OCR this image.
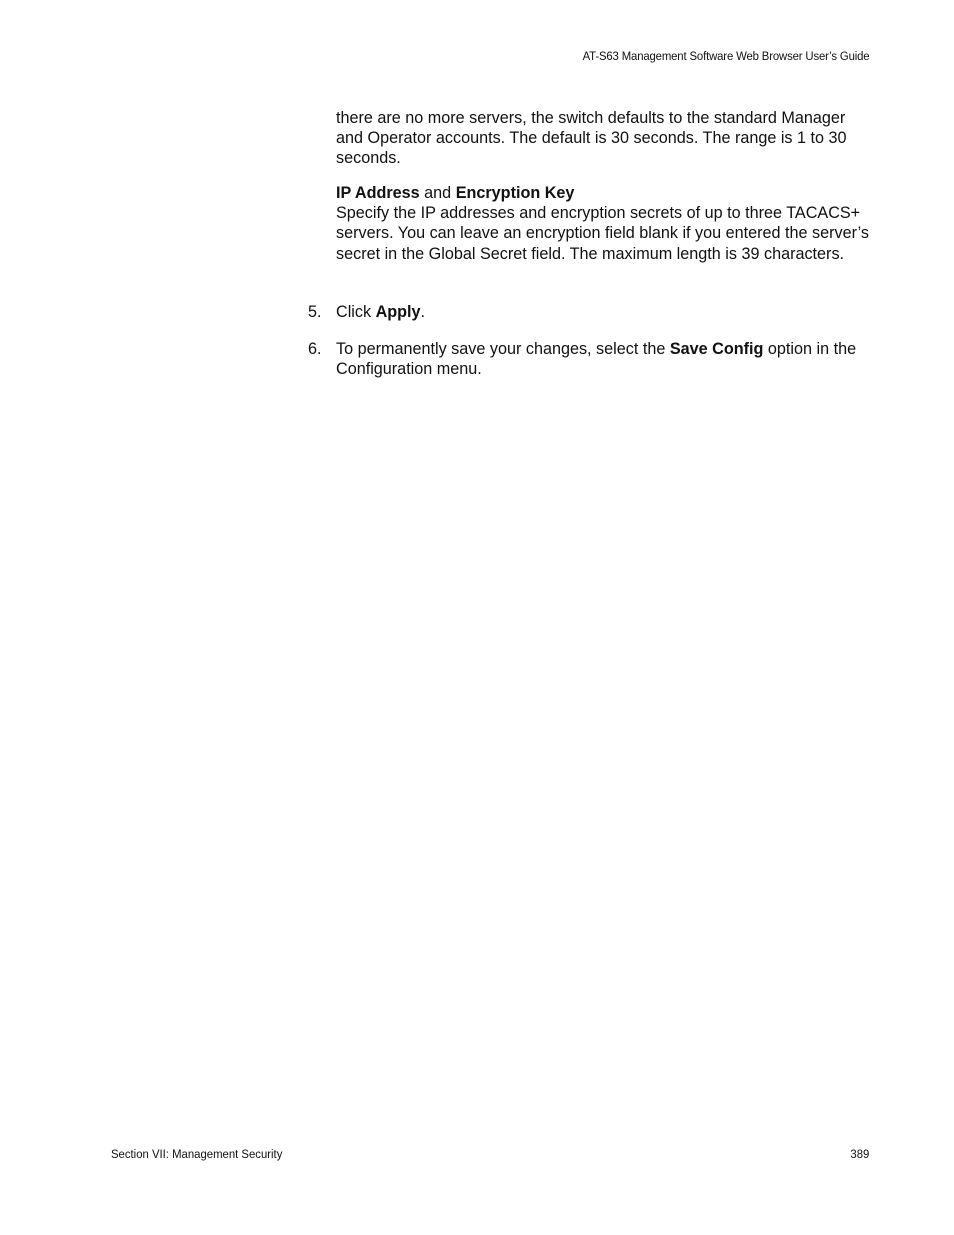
AT-S63 Management Software Web Browser User’s Guide
there are no more servers, the switch defaults to the standard Manager and Operator accounts. The default is 30 seconds. The range is 1 to 30 seconds.
IP Address and Encryption Key
Specify the IP addresses and encryption secrets of up to three TACACS+ servers. You can leave an encryption field blank if you entered the server’s secret in the Global Secret field. The maximum length is 39 characters.
5. Click Apply.
6. To permanently save your changes, select the Save Config option in the Configuration menu.
Section VII: Management Security	389
